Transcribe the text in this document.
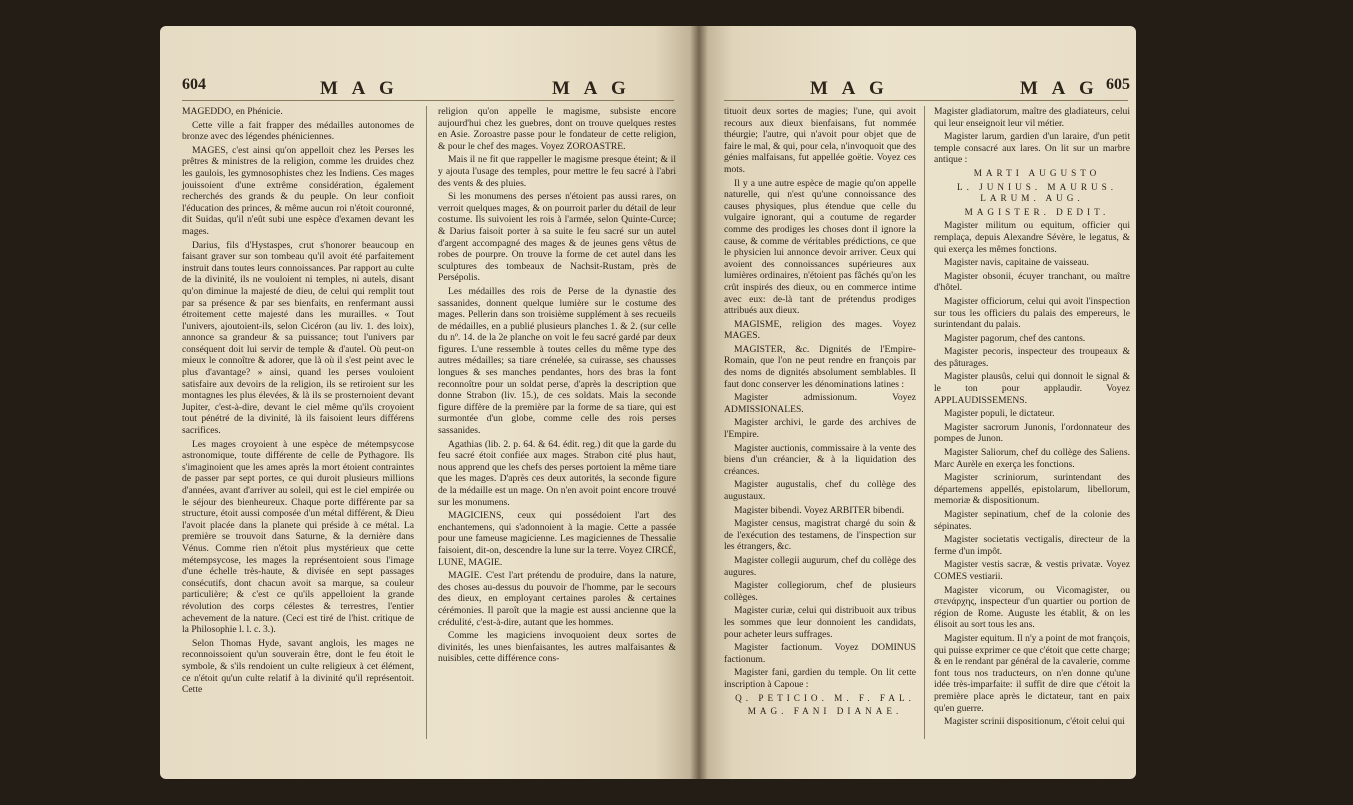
604	M A G	M A G

MAGEDDO, en Phénicie.

Cette ville a fait frapper des médailles autonomes de bronze avec des légendes phéniciennes.

MAGES, c'est ainsi qu'on appelloit chez les Perses les prêtres & ministres de la religion, comme les druides chez les gaulois, les gymnosophistes chez les Indiens. Ces mages jouissoient d'une extrême considération, également recherchés des grands & du peuple. On leur confioit l'éducation des princes, & même aucun roi n'étoit couronné, dit Suidas, qu'il n'eût subi une espèce d'examen devant les mages.

Darius, fils d'Hystaspes, crut s'honorer beaucoup en faisant graver sur son tombeau qu'il avoit été parfaitement instruit dans toutes leurs connoissances. Par rapport au culte de la divinité, ils ne vouloient ni temples, ni autels, disant qu'on diminue la majesté de dieu, de celui qui remplit tout par sa présence & par ses bienfaits, en renfermant aussi étroitement cette majesté dans les murailles. « Tout l'univers, ajoutoient-ils, selon Cicéron (au liv. 1. des loix), annonce sa grandeur & sa puissance; tout l'univers par conséquent doit lui servir de temple & d'autel. Où peut-on mieux le connoître & adorer, que là où il s'est peint avec le plus d'avantage? » ainsi, quand les perses vouloient satisfaire aux devoirs de la religion, ils se retiroient sur les montagnes les plus élevées, & là ils se prosternoient devant Jupiter, c'est-à-dire, devant le ciel même qu'ils croyoient tout pénétré de la divinité, là ils faisoient leurs différens sacrifices.

Les mages croyoient à une espèce de métempsycose astronomique, toute différente de celle de Pythagore. Ils s'imaginoient que les ames après la mort étoient contraintes de passer par sept portes, ce qui duroit plusieurs millions d'années, avant d'arriver au soleil, qui est le ciel empirée ou le séjour des bienheureux. Chaque porte différente par sa structure, étoit aussi composée d'un métal différent, & Dieu l'avoit placée dans la planete qui préside à ce métal. La première se trouvoit dans Saturne, & la dernière dans Vénus. Comme rien n'étoit plus mystérieux que cette métempsycose, les mages la représentoient sous l'image d'une échelle très-haute, & divisée en sept passages consécutifs, dont chacun avoit sa marque, sa couleur particulière; & c'est ce qu'ils appelloient la grande révolution des corps célestes & terrestres, l'entier achevement de la nature. (Ceci est tiré de l'hist. critique de la Philosophie l. l. c. 3.).

Selon Thomas Hyde, savant anglois, les mages ne reconnoissoient qu'un souverain être, dont le feu étoit le symbole, & s'ils rendoient un culte religieux à cet élément, ce n'étoit qu'un culte relatif à la divinité qu'il représentoit. Cette

religion qu'on appelle le magisme, subsiste encore aujourd'hui chez les guebres, dont on trouve quelques restes en Asie. Zoroastre passe pour le fondateur de cette religion, & pour le chef des mages. Voyez ZOROASTRE.

Mais il ne fit que rappeller le magisme presque éteint; & il y ajouta l'usage des temples, pour mettre le feu sacré à l'abri des vents & des pluies.

Si les monumens des perses n'étoient pas aussi rares, on verroit quelques mages, & on pourroit parler du détail de leur costume. Ils suivoient les rois à l'armée, selon Quinte-Curce; & Darius faisoit porter à sa suite le feu sacré sur un autel d'argent accompagné des mages & de jeunes gens vêtus de robes de pourpre. On trouve la forme de cet autel dans les sculptures des tombeaux de Nachsit-Rustam, près de Persépolis.

Les médailles des rois de Perse de la dynastie des sassanides, donnent quelque lumière sur le costume des mages. Pellerin dans son troisième supplément à ses recueils de médailles, en a publié plusieurs planches 1. & 2. (sur celle du nº. 14. de la 2e planche on voit le feu sacré gardé par deux figures. L'une ressemble à toutes celles du même type des autres médailles; sa tiare crénelée, sa cuirasse, ses chausses longues & ses manches pendantes, hors des bras la font reconnoître pour un soldat perse, d'après la description que donne Strabon (liv. 15.), de ces soldats. Mais la seconde figure diffère de la première par la forme de sa tiare, qui est surmontée d'un globe, comme celle des rois perses sassanides.

Agathias (lib. 2. p. 64. & 64. édit. reg.) dit que la garde du feu sacré étoit confiée aux mages. Strabon cité plus haut, nous apprend que les chefs des perses portoient la même tiare que les mages. D'après ces deux autorités, la seconde figure de la médaille est un mage. On n'en avoit point encore trouvé sur les monumens.

MAGICIENS, ceux qui possédoient l'art des enchantemens, qui s'adonnoient à la magie. Cette a passée pour une fameuse magicienne. Les magiciennes de Thessalie faisoient, dit-on, descendre la lune sur la terre. Voyez CIRCÉ, LUNE, MAGIE.

MAGIE. C'est l'art prétendu de produire, dans la nature, des choses au-dessus du pouvoir de l'homme, par le secours des dieux, en employant certaines paroles & certaines cérémonies. Il paroît que la magie est aussi ancienne que la crédulité, c'est-à-dire, autant que les hommes.

Comme les magiciens invoquoient deux sortes de divinités, les unes bienfaisantes, les autres malfaisantes & nuisibles, cette différence cons-

M A G	M A G 605

tituoit deux sortes de magies; l'une, qui avoit recours aux dieux bienfaisans, fut nommée théurgie; l'autre, qui n'avoit pour objet que de faire le mal, & qui, pour cela, n'invoquoit que des génies malfaisans, fut appellée goëtie. Voyez ces mots.

Il y a une autre espèce de magie qu'on appelle naturelle, qui n'est qu'une connoissance des causes physiques, plus étendue que celle du vulgaire ignorant, qui a coutume de regarder comme des prodiges les choses dont il ignore la cause, & comme de véritables prédictions, ce que le physicien lui annonce devoir arriver. Ceux qui avoient des connoissances supérieures aux lumières ordinaires, n'étoient pas fâchés qu'on les crût inspirés des dieux, ou en commerce intime avec eux: de-là tant de prétendus prodiges attribués aux dieux.

MAGISME, religion des mages. Voyez MAGES.

MAGISTER, &c. Dignités de l'Empire-Romain, que l'on ne peut rendre en françois par des noms de dignités absolument semblables. Il faut donc conserver les dénominations latines :

Magister admissionum. Voyez ADMISSIONALES.

Magister archivi, le garde des archives de l'Empire.

Magister auctionis, commissaire à la vente des biens d'un créancier, & à la liquidation des créances.

Magister augustalis, chef du collège des augustaux.

Magister bibendi. Voyez ARBITER bibendi.

Magister census, magistrat chargé du soin & de l'exécution des testamens, de l'inspection sur les étrangers, &c.

Magister collegii augurum, chef du collège des augures.

Magister collegiorum, chef de plusieurs collèges.

Magister curiæ, celui qui distribuoit aux tribus les sommes que leur donnoient les candidats, pour acheter leurs suffrages.

Magister factionum. Voyez DOMINUS factionum.

Magister fani, gardien du temple. On lit cette inscription à Capoue :

Q. PETICIO. M. F. FAL.

MAG. FANI DIANAE.

Magister gladiatorum, maître des gladiateurs, celui qui leur enseignoit leur vil métier.

Magister larum, gardien d'un laraire, d'un petit temple consacré aux lares. On lit sur un marbre antique :

MARTI AUGUSTO

L. JUNIUS. MAURUS. LARUM. AUG.

MAGISTER. DEDIT.

Magister militum ou equitum, officier qui remplaça, depuis Alexandre Sévère, le legatus, & qui exerça les mêmes fonctions.

Magister navis, capitaine de vaisseau.

Magister obsonii, écuyer tranchant, ou maître d'hôtel.

Magister officiorum, celui qui avoit l'inspection sur tous les officiers du palais des empereurs, le surintendant du palais.

Magister pagorum, chef des cantons.

Magister pecoris, inspecteur des troupeaux & des pâturages.

Magister plausûs, celui qui donnoit le signal & le ton pour applaudir. Voyez APPLAUDISSEMENS.

Magister populi, le dictateur.

Magister sacrorum Junonis, l'ordonnateur des pompes de Junon.

Magister Saliorum, chef du collège des Saliens. Marc Aurèle en exerça les fonctions.

Magister scriniorum, surintendant des départemens appellés, epistolarum, libellorum, memoriæ & dispositionum.

Magister sepinatium, chef de la colonie des sépinates.

Magister societatis vectigalis, directeur de la ferme d'un impôt.

Magister vestis sacræ, & vestis privatæ. Voyez COMES vestiarii.

Magister vicorum, ou Vicomagister, ou στενάρχης, inspecteur d'un quartier ou portion de région de Rome. Auguste les établit, & on les élisoit au sort tous les ans.

Magister equitum. Il n'y a point de mot françois, qui puisse exprimer ce que c'étoit que cette charge; & en le rendant par général de la cavalerie, comme font tous nos traducteurs, on n'en donne qu'une idée très-imparfaite: il suffit de dire que c'étoit la première place après le dictateur, tant en paix qu'en guerre.

Magister scrinii dispositionum, c'étoit celui qui
